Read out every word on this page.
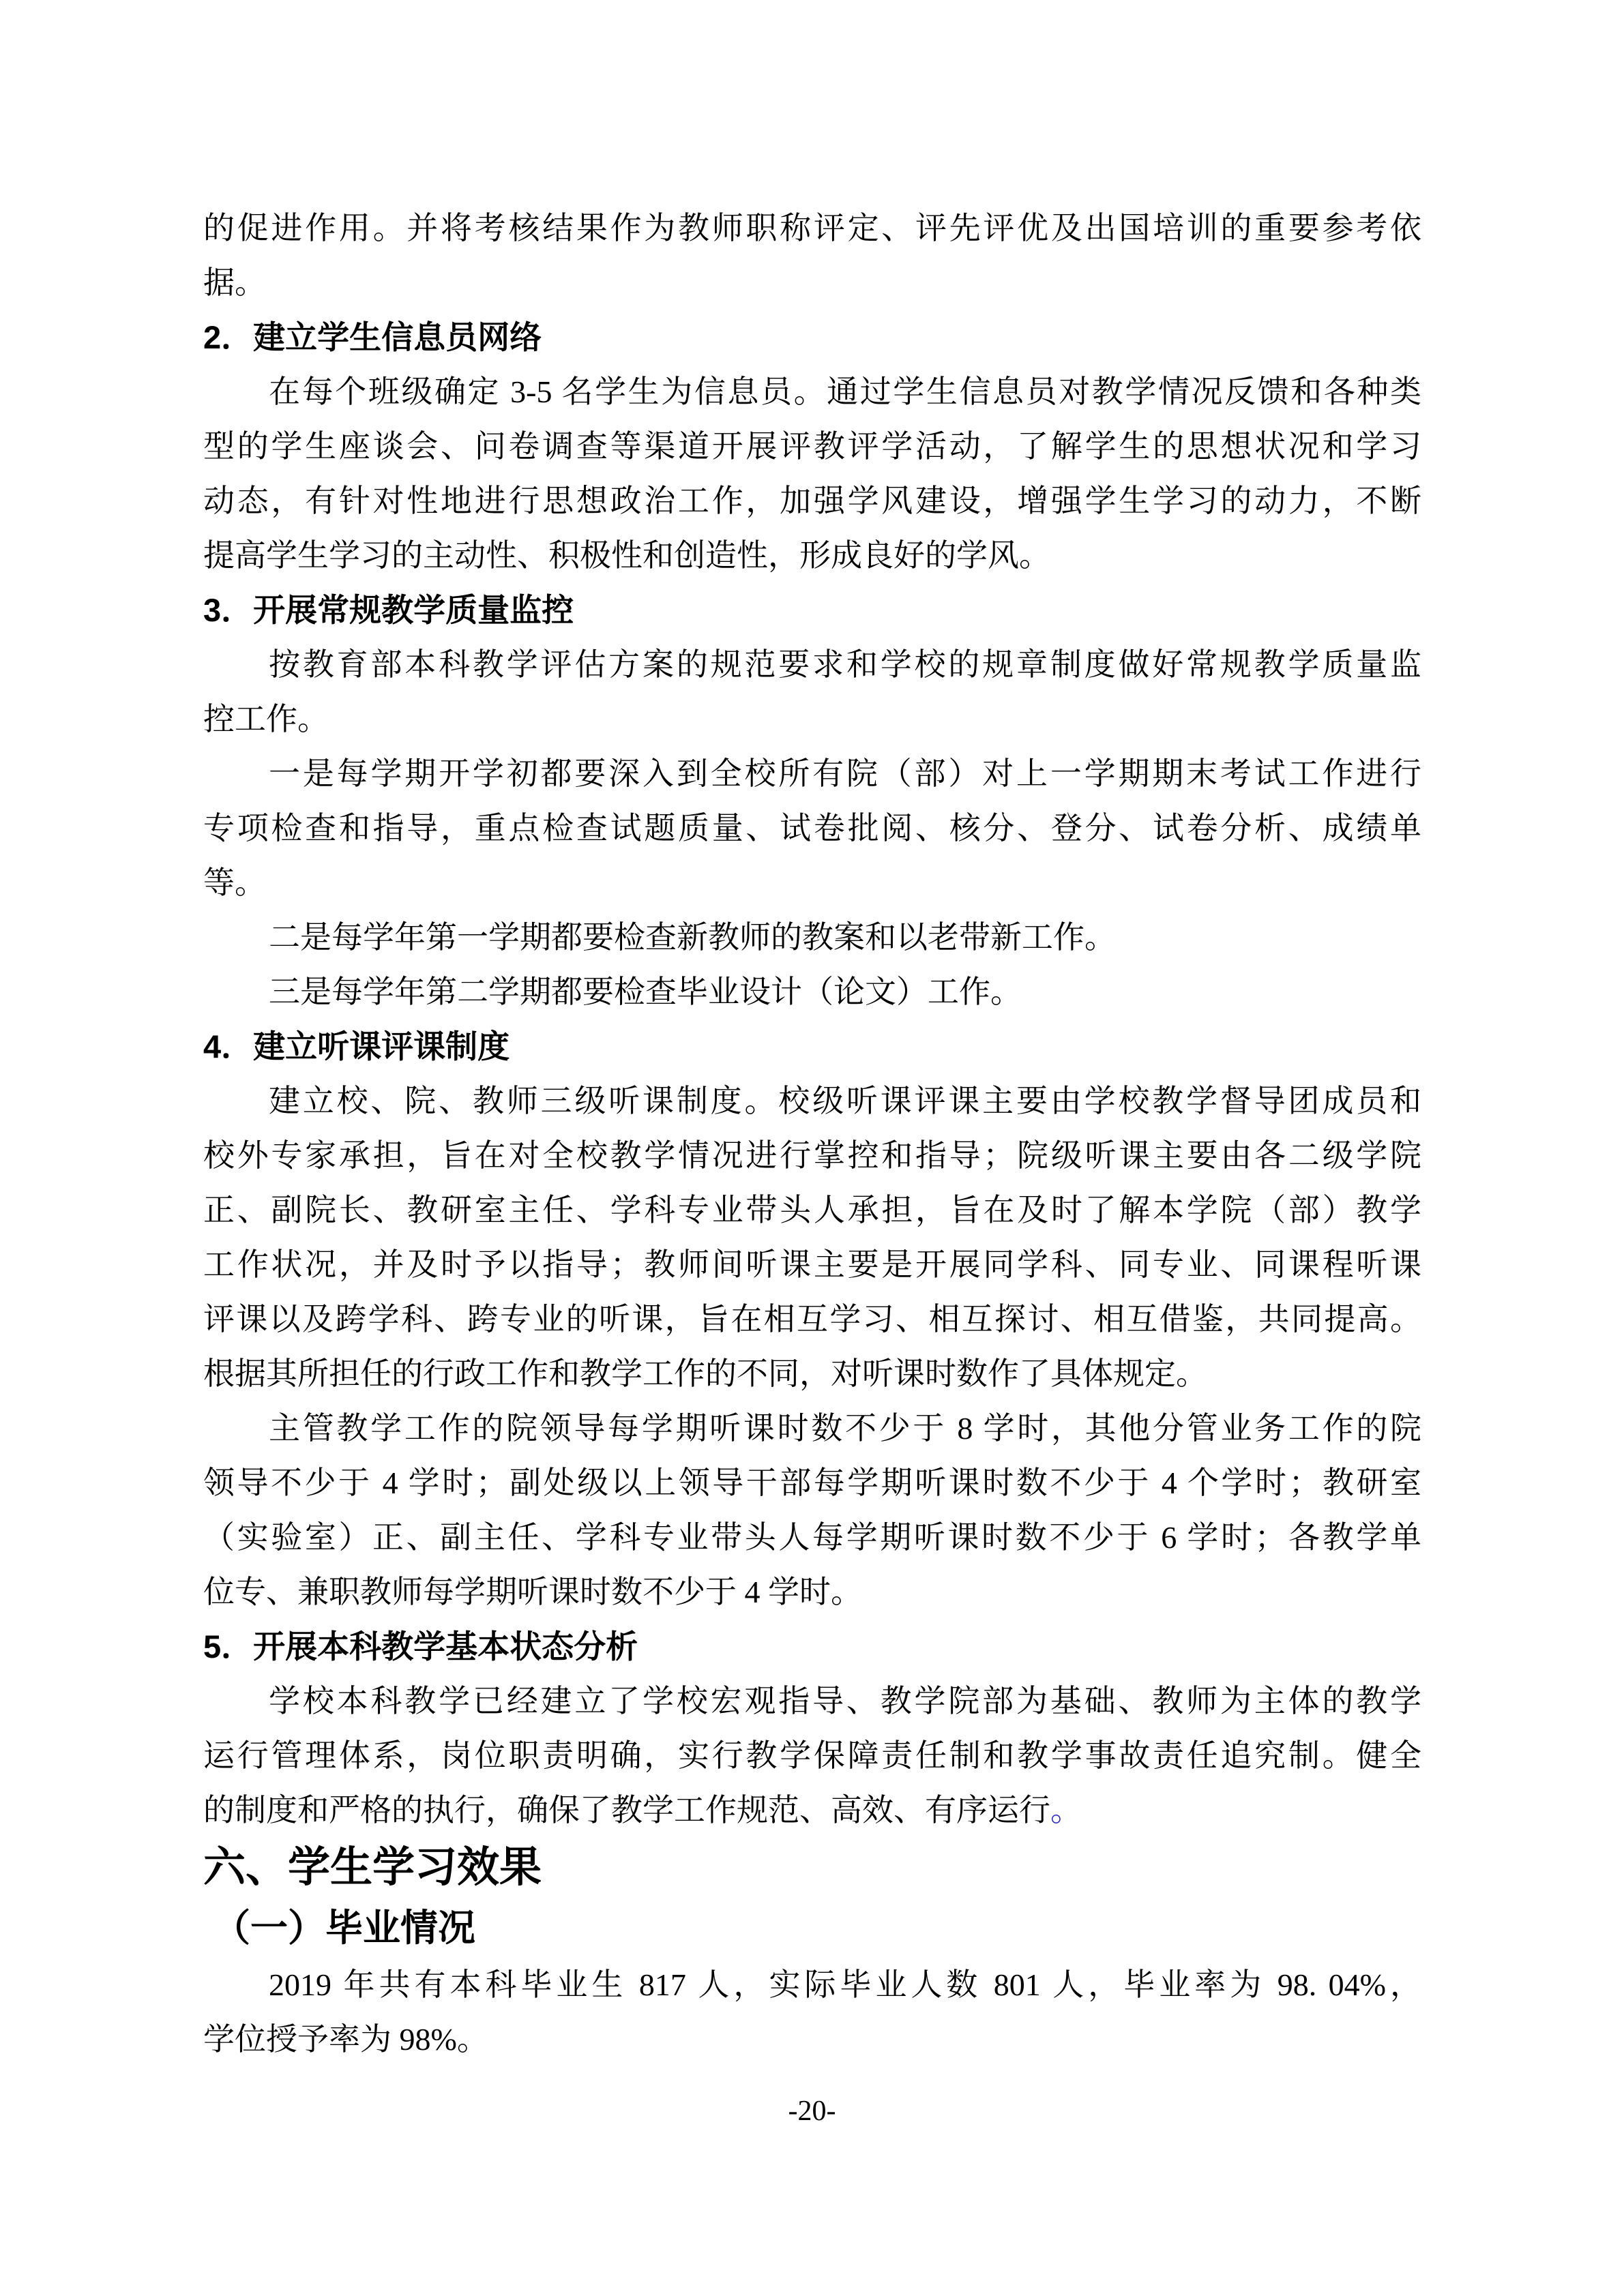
的促进作用。并将考核结果作为教师职称评定、评先评优及出国培训的重要参考依
据。
2．建立学生信息员网络
在每个班级确定 3-5 名学生为信息员。通过学生信息员对教学情况反馈和各种类
型的学生座谈会、问卷调查等渠道开展评教评学活动，了解学生的思想状况和学习
动态，有针对性地进行思想政治工作，加强学风建设，增强学生学习的动力，不断
提高学生学习的主动性、积极性和创造性，形成良好的学风。
3．开展常规教学质量监控
按教育部本科教学评估方案的规范要求和学校的规章制度做好常规教学质量监
控工作。
一是每学期开学初都要深入到全校所有院（部）对上一学期期末考试工作进行
专项检查和指导，重点检查试题质量、试卷批阅、核分、登分、试卷分析、成绩单
等。
二是每学年第一学期都要检查新教师的教案和以老带新工作。
三是每学年第二学期都要检查毕业设计（论文）工作。
4．建立听课评课制度
建立校、院、教师三级听课制度。校级听课评课主要由学校教学督导团成员和
校外专家承担，旨在对全校教学情况进行掌控和指导；院级听课主要由各二级学院
正、副院长、教研室主任、学科专业带头人承担，旨在及时了解本学院（部）教学
工作状况，并及时予以指导；教师间听课主要是开展同学科、同专业、同课程听课
评课以及跨学科、跨专业的听课，旨在相互学习、相互探讨、相互借鉴，共同提高。
根据其所担任的行政工作和教学工作的不同，对听课时数作了具体规定。
主管教学工作的院领导每学期听课时数不少于 8 学时，其他分管业务工作的院
领导不少于 4 学时；副处级以上领导干部每学期听课时数不少于 4 个学时；教研室
（实验室）正、副主任、学科专业带头人每学期听课时数不少于 6 学时；各教学单
位专、兼职教师每学期听课时数不少于 4 学时。
5．开展本科教学基本状态分析
学校本科教学已经建立了学校宏观指导、教学院部为基础、教师为主体的教学
运行管理体系，岗位职责明确，实行教学保障责任制和教学事故责任追究制。健全
的制度和严格的执行，确保了教学工作规范、高效、有序运行。
六、学生学习效果
（一）毕业情况
2019 年共有本科毕业生 817 人，实际毕业人数 801 人，毕业率为 98. 04%，
学位授予率为 98%。
-20-
